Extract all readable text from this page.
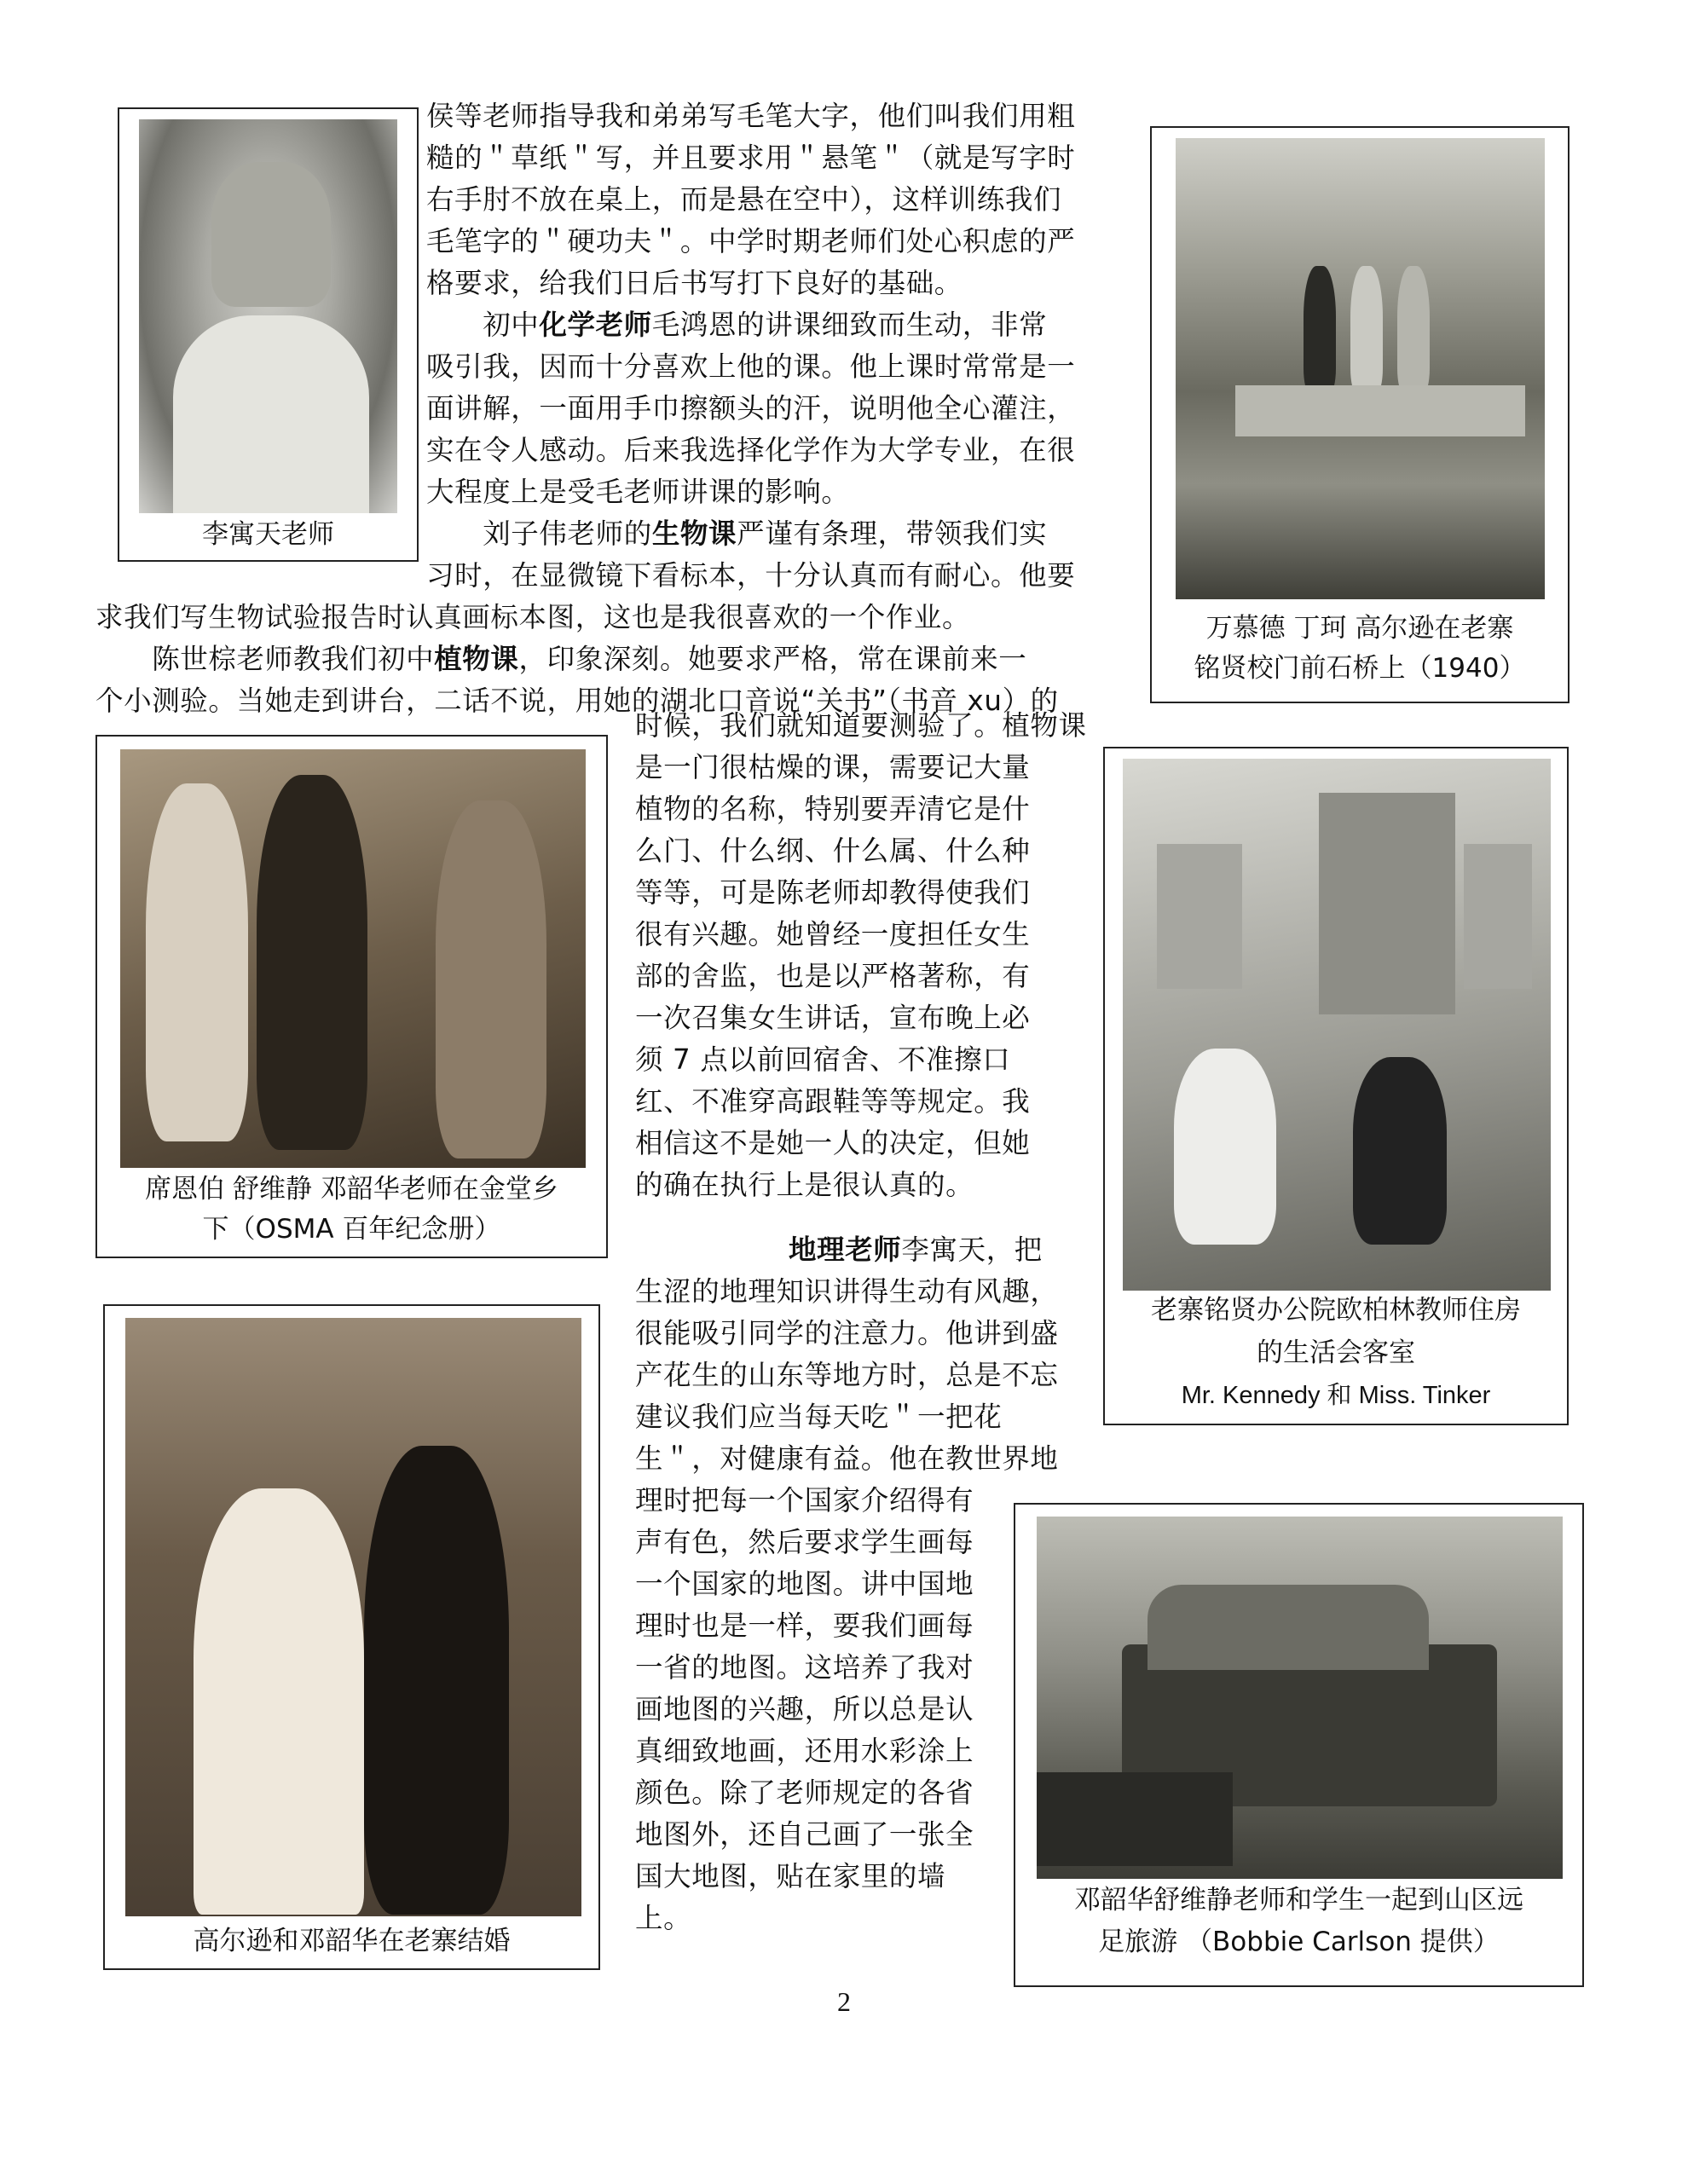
李寓天老师
万慕德 丁珂 高尔逊在老寨
铭贤校门前石桥上（1940）
席恩伯 舒维静 邓韶华老师在金堂乡
下（OSMA 百年纪念册）
老寨铭贤办公院欧柏林教师住房
的生活会客室
Mr. Kennedy 和 Miss. Tinker
高尔逊和邓韶华在老寨结婚
邓韶华舒维静老师和学生一起到山区远
足旅游 （Bobbie Carlson 提供）

侯等老师指导我和弟弟写毛笔大字，他们叫我们用粗

糙的＂草纸＂写，并且要求用＂悬笔＂（就是写字时

右手肘不放在桌上，而是悬在空中），这样训练我们

毛笔字的＂硬功夫＂。中学时期老师们处心积虑的严

格要求，给我们日后书写打下良好的基础。

　　初中化学老师毛鸿恩的讲课细致而生动，非常

吸引我，因而十分喜欢上他的课。他上课时常常是一

面讲解，一面用手巾擦额头的汗，说明他全心灌注，

实在令人感动。后来我选择化学作为大学专业，在很

大程度上是受毛老师讲课的影响。

　　刘子伟老师的生物课严谨有条理，带领我们实

习时，在显微镜下看标本，十分认真而有耐心。他要

求我们写生物试验报告时认真画标本图，这也是我很喜欢的一个作业。

　　陈世棕老师教我们初中植物课，印象深刻。她要求严格，常在课前来一

个小测验。当她走到讲台，二话不说，用她的湖北口音说“关书”（书音 xu）的

时候，我们就知道要测验了。植物课

是一门很枯燥的课，需要记大量

植物的名称，特别要弄清它是什

么门、什么纲、什么属、什么种

等等，可是陈老师却教得使我们

很有兴趣。她曾经一度担任女生

部的舍监，也是以严格著称，有

一次召集女生讲话，宣布晚上必

须 7 点以前回宿舍、不准擦口

红、不准穿高跟鞋等等规定。我

相信这不是她一人的决定，但她

的确在执行上是很认真的。

地理老师李寓天，把

生涩的地理知识讲得生动有风趣，

很能吸引同学的注意力。他讲到盛

产花生的山东等地方时，总是不忘

建议我们应当每天吃＂一把花

生＂，对健康有益。他在教世界地

理时把每一个国家介绍得有

声有色，然后要求学生画每

一个国家的地图。讲中国地

理时也是一样，要我们画每

一省的地图。这培养了我对

画地图的兴趣，所以总是认

真细致地画，还用水彩涂上

颜色。除了老师规定的各省

地图外，还自己画了一张全

国大地图，贴在家里的墙

上。

2
